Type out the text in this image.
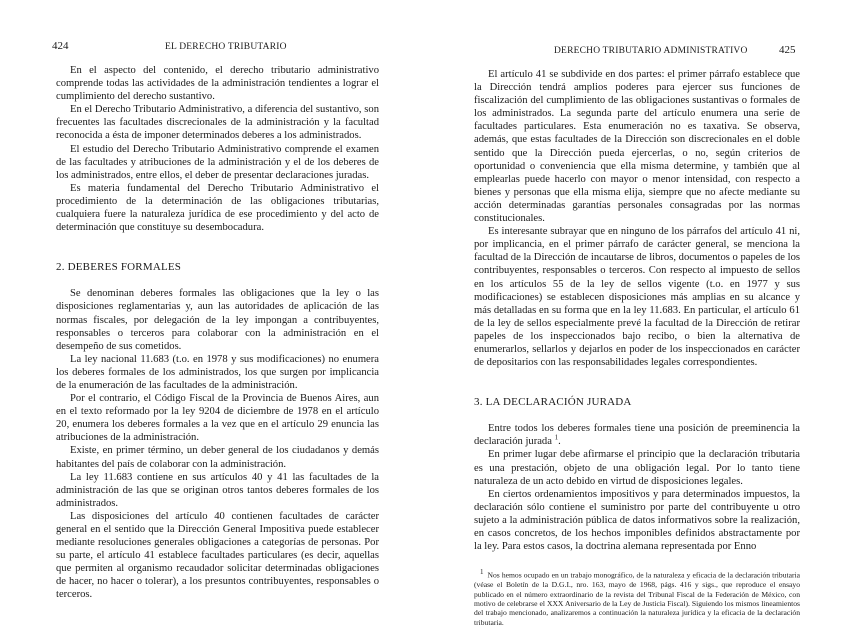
424	EL DERECHO TRIBUTARIO

En el aspecto del contenido, el derecho tributario administrativo comprende todas las actividades de la administración tendientes a lograr el cumplimiento del derecho sustantivo.

En el Derecho Tributario Administrativo, a diferencia del sustantivo, son frecuentes las facultades discrecionales de la administración y la facultad reconocida a ésta de imponer determinados deberes a los administrados.

El estudio del Derecho Tributario Administrativo comprende el examen de las facultades y atribuciones de la administración y el de los deberes de los administrados, entre ellos, el deber de presentar declaraciones juradas.

Es materia fundamental del Derecho Tributario Administrativo el procedimiento de la determinación de las obligaciones tributarias, cualquiera fuere la naturaleza jurídica de ese procedimiento y del acto de determinación que constituye su desembocadura.

2. DEBERES FORMALES

Se denominan deberes formales las obligaciones que la ley o las disposiciones reglamentarias y, aun las autoridades de aplicación de las normas fiscales, por delegación de la ley impongan a contribuyentes, responsables o terceros para colaborar con la administración en el desempeño de sus cometidos.

La ley nacional 11.683 (t.o. en 1978 y sus modificaciones) no enumera los deberes formales de los administrados, los que surgen por implicancia de la enumeración de las facultades de la administración.

Por el contrario, el Código Fiscal de la Provincia de Buenos Aires, aun en el texto reformado por la ley 9204 de diciembre de 1978 en el artículo 20, enumera los deberes formales a la vez que en el artículo 29 enuncia las atribuciones de la administración.

Existe, en primer término, un deber general de los ciudadanos y demás habitantes del país de colaborar con la administración.

La ley 11.683 contiene en sus artículos 40 y 41 las facultades de la administración de las que se originan otros tantos deberes formales de los administrados.

Las disposiciones del artículo 40 contienen facultades de carácter general en el sentido que la Dirección General Impositiva puede establecer mediante resoluciones generales obligaciones a categorías de personas. Por su parte, el artículo 41 establece facultades particulares (es decir, aquellas que permiten al organismo recaudador solicitar determinadas obligaciones de hacer, no hacer o tolerar), a los presuntos contribuyentes, responsables o terceros.

DERECHO TRIBUTARIO ADMINISTRATIVO	425

El artículo 41 se subdivide en dos partes: el primer párrafo establece que la Dirección tendrá amplios poderes para ejercer sus funciones de fiscalización del cumplimiento de las obligaciones sustantivas o formales de los administrados. La segunda parte del artículo enumera una serie de facultades particulares. Esta enumeración no es taxativa. Se observa, además, que estas facultades de la Dirección son discrecionales en el doble sentido que la Dirección pueda ejercerlas, o no, según criterios de oportunidad o conveniencia que ella misma determine, y también que al emplearlas puede hacerlo con mayor o menor intensidad, con respecto a bienes y personas que ella misma elija, siempre que no afecte mediante su acción determinadas garantías personales consagradas por las normas constitucionales.

Es interesante subrayar que en ninguno de los párrafos del artículo 41 ni, por implicancia, en el primer párrafo de carácter general, se menciona la facultad de la Dirección de incautarse de libros, documentos o papeles de los contribuyentes, responsables o terceros. Con respecto al impuesto de sellos en los artículos 55 de la ley de sellos vigente (t.o. en 1977 y sus modificaciones) se establecen disposiciones más amplias en su alcance y más detalladas en su forma que en la ley 11.683. En particular, el artículo 61 de la ley de sellos especialmente prevé la facultad de la Dirección de retirar papeles de los inspeccionados bajo recibo, o bien la alternativa de enumerarlos, sellarlos y dejarlos en poder de los inspeccionados en carácter de depositarios con las responsabilidades legales correspondientes.

3. LA DECLARACIÓN JURADA

Entre todos los deberes formales tiene una posición de preeminencia la declaración jurada $^1$.

En primer lugar debe afirmarse el principio que la declaración tributaria es una prestación, objeto de una obligación legal. Por lo tanto tiene naturaleza de un acto debido en virtud de disposiciones legales.

En ciertos ordenamientos impositivos y para determinados impuestos, la declaración sólo contiene el suministro por parte del contribuyente u otro sujeto a la administración pública de datos informativos sobre la realización, en casos concretos, de los hechos imponibles definidos abstractamente por la ley. Para estos casos, la doctrina alemana representada por Enno

1 Nos hemos ocupado en un trabajo monográfico, de la naturaleza y eficacia de la declaración tributaria (véase el Boletín de la D.G.I., nro. 163, mayo de 1968, págs. 416 y sigs., que reproduce el ensayo publicado en el número extraordinario de la revista del Tribunal Fiscal de la Federación de México, con motivo de celebrarse el XXX Aniversario de la Ley de Justicia Fiscal). Siguiendo los mismos lineamientos del trabajo mencionado, analizaremos a continuación la naturaleza jurídica y la eficacia de la declaración tributaria.
